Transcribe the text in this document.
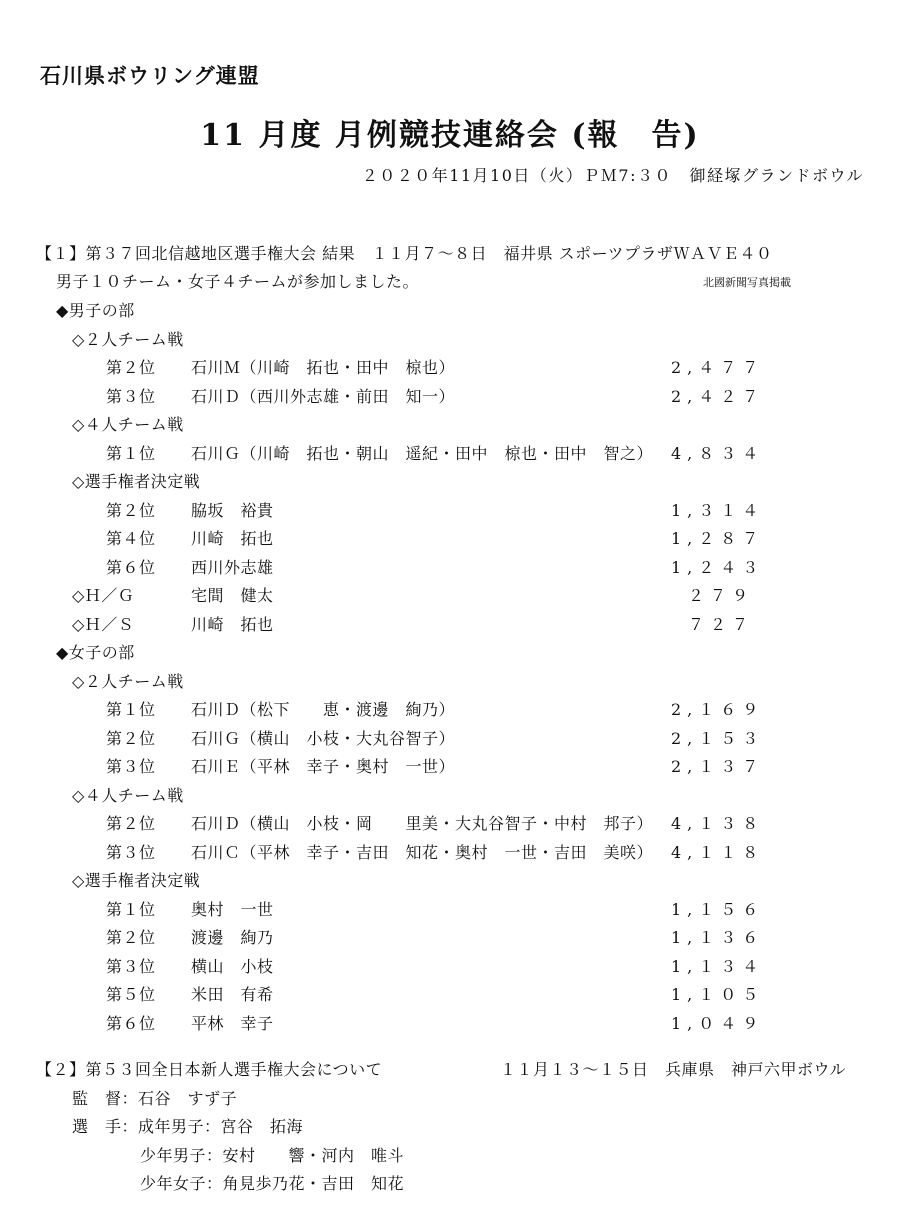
石川県ボウリング連盟
11 月度 月例競技連絡会 (報　告)
２０２０年11月10日（火）ＰＭ7:３０　御経塚グランドボウル
【１】第３７回北信越地区選手権大会 結果　１１月７～８日　福井県 スポーツプラザＷＡＶＥ４０
男子１０チーム・女子４チームが参加しました。	北國新聞写真掲載
◆男子の部
◇２人チーム戦
第２位 石川Ｍ（川崎　拓也・田中　椋也）	2,４７７
第３位 石川Ｄ（西川外志雄・前田　知一）	2,４２７
◇４人チーム戦
第１位 石川Ｇ（川崎　拓也・朝山　遥紀・田中　椋也・田中　智之） 4,８３４
◇選手権者決定戦
第２位 脇坂　裕貴	1,３１４
第４位 川崎　拓也	1,２８７
第６位 西川外志雄	1,２４３
◇Ｈ／Ｇ	宅間　健太	２７９
◇Ｈ／Ｓ	川崎　拓也	７２７
◆女子の部
◇２人チーム戦
第１位 石川Ｄ（松下　　恵・渡邊　絢乃）	2,１６９
第２位 石川Ｇ（横山　小枝・大丸谷智子）	2,１５３
第３位 石川Ｅ（平林　幸子・奥村　一世）	2,１３７
◇４人チーム戦
第２位 石川Ｄ（横山　小枝・岡　　里美・大丸谷智子・中村　邦子） 4,１３８
第３位 石川Ｃ（平林　幸子・吉田　知花・奥村　一世・吉田　美咲） 4,１１８
◇選手権者決定戦
第１位 奥村　一世	1,１５６
第２位 渡邊　絢乃	1,１３６
第３位 横山　小枝	1,１３４
第５位 米田　有希	1,１０５
第６位 平林　幸子	1,０４９
【２】第５３回全日本新人選手権大会について	１１月１３～１５日　兵庫県　神戸六甲ボウル
監　督：石谷　すず子
選　手：成年男子：宮谷　拓海
少年男子：安村　　響・河内　唯斗
少年女子：角見歩乃花・吉田　知花
